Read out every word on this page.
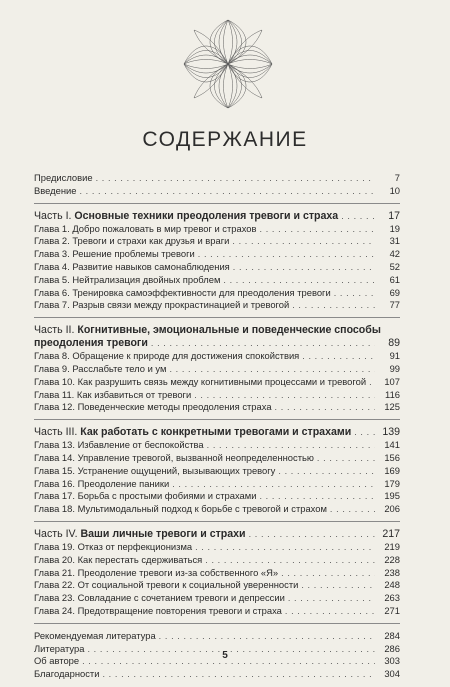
СОДЕРЖАНИЕ
Предисловие . . .	7
Введение . . .	10
Часть I. Основные техники преодоления тревоги и страха . . .	17
Глава 1. Добро пожаловать в мир тревог и страхов . . .	19
Глава 2. Тревоги и страхи как друзья и враги . . .	31
Глава 3. Решение проблемы тревоги . . .	42
Глава 4. Развитие навыков самонаблюдения . . .	52
Глава 5. Нейтрализация двойных проблем . . .	61
Глава 6. Тренировка самоэффективности для преодоления тревоги . . .	69
Глава 7. Разрыв связи между прокрастинацией и тревогой . . .	77
Часть II. Когнитивные, эмоциональные и поведенческие способы
преодоления тревоги . . .	89
Глава 8. Обращение к природе для достижения спокойствия . . .	91
Глава 9. Расслабьте тело и ум . . .	99
Глава 10. Как разрушить связь между когнитивными процессами и тревогой . . .	107
Глава 11. Как избавиться от тревоги . . .	116
Глава 12. Поведенческие методы преодоления страха . . .	125
Часть III. Как работать с конкретными тревогами и страхами . . .	139
Глава 13. Избавление от беспокойства . . .	141
Глава 14. Управление тревогой, вызванной неопределенностью . . .	156
Глава 15. Устранение ощущений, вызывающих тревогу . . .	169
Глава 16. Преодоление паники . . .	179
Глава 17. Борьба с простыми фобиями и страхами . . .	195
Глава 18. Мультимодальный подход к борьбе с тревогой и страхом . . .	206
Часть IV. Ваши личные тревоги и страхи . . .	217
Глава 19. Отказ от перфекционизма . . .	219
Глава 20. Как перестать сдерживаться . . .	228
Глава 21. Преодоление тревоги из-за собственного «Я» . . .	238
Глава 22. От социальной тревоги к социальной уверенности . . .	248
Глава 23. Совладание с сочетанием тревоги и депрессии . . .	263
Глава 24. Предотвращение повторения тревоги и страха . . .	271
Рекомендуемая литература . . .	284
Литература . . .	286
Об авторе . . .	303
Благодарности . . .	304
5
